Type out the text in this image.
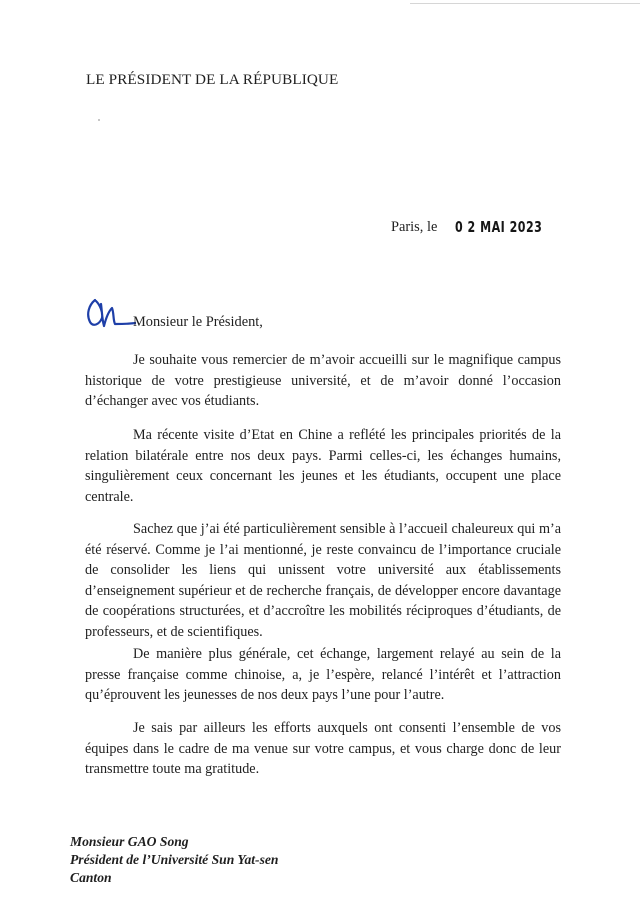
LE PRÉSIDENT DE LA RÉPUBLIQUE
Paris, le 0 2 MAI 2023
Monsieur le Président,

Je souhaite vous remercier de m’avoir accueilli sur le magnifique campus historique de votre prestigieuse université, et de m’avoir donné l’occasion d’échanger avec vos étudiants.

Ma récente visite d’Etat en Chine a reflété les principales priorités de la relation bilatérale entre nos deux pays. Parmi celles-ci, les échanges humains, singulièrement ceux concernant les jeunes et les étudiants, occupent une place centrale.

Sachez que j’ai été particulièrement sensible à l’accueil chaleureux qui m’a été réservé. Comme je l’ai mentionné, je reste convaincu de l’importance cruciale de consolider les liens qui unissent votre université aux établissements d’enseignement supérieur et de recherche français, de développer encore davantage de coopérations structurées, et d’accroître les mobilités réciproques d’étudiants, de professeurs, et de scientifiques.

De manière plus générale, cet échange, largement relayé au sein de la presse française comme chinoise, a, je l’espère, relancé l’intérêt et l’attraction qu’éprouvent les jeunesses de nos deux pays l’une pour l’autre.

Je sais par ailleurs les efforts auxquels ont consenti l’ensemble de vos équipes dans le cadre de ma venue sur votre campus, et vous charge donc de leur transmettre toute ma gratitude.

Monsieur GAO Song
Président de l’Université Sun Yat-sen
Canton
